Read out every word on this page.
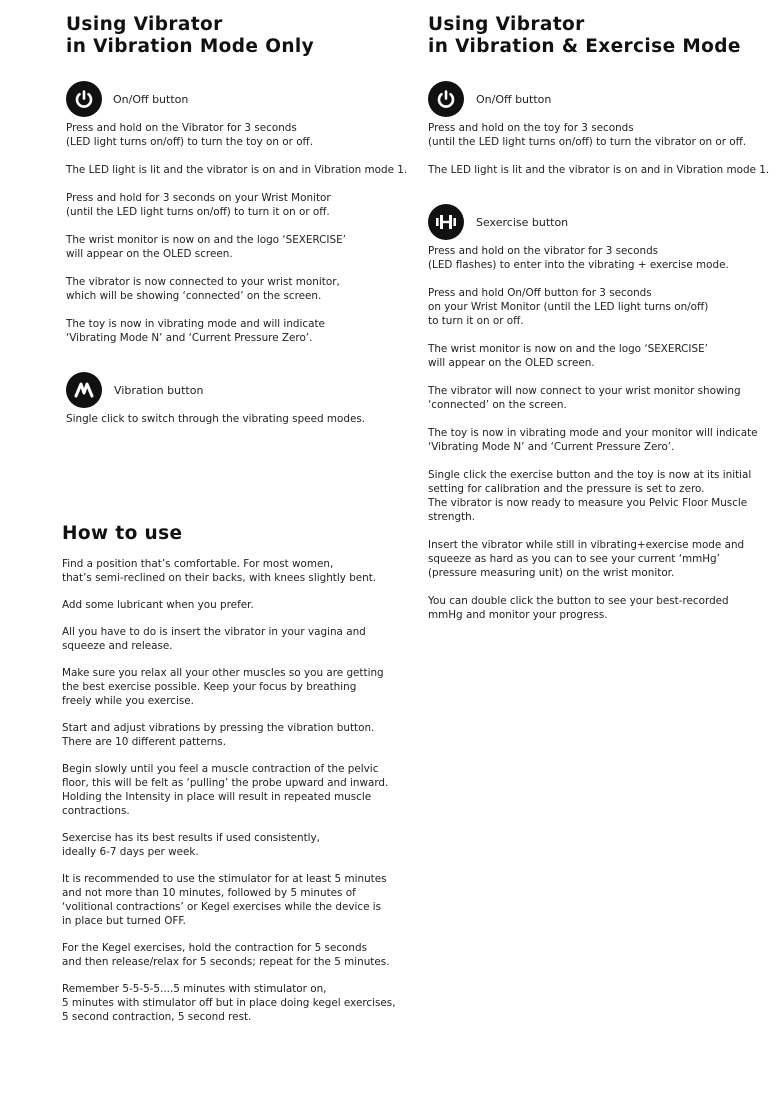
Using Vibrator
in Vibration Mode Only
On/Off button

Press and hold on the Vibrator for 3 seconds
(LED light turns on/off) to turn the toy on or off.

The LED light is lit and the vibrator is on and in Vibration mode 1.

Press and hold for 3 seconds on your Wrist Monitor
(until the LED light turns on/off) to turn it on or off.

The wrist monitor is now on and the logo ‘SEXERCISE’
will appear on the OLED screen.

The vibrator is now connected to your wrist monitor,
which will be showing ‘connected’ on the screen.

The toy is now in vibrating mode and will indicate
‘Vibrating Mode N’ and ‘Current Pressure Zero’.

Vibration button

Single click to switch through the vibrating speed modes.

Using Vibrator
in Vibration & Exercise Mode
On/Off button

Press and hold on the toy for 3 seconds
(until the LED light turns on/off) to turn the vibrator on or off.

The LED light is lit and the vibrator is on and in Vibration mode 1.

Sexercise button

Press and hold on the vibrator for 3 seconds
(LED flashes) to enter into the vibrating + exercise mode.

Press and hold On/Off button for 3 seconds
on your Wrist Monitor (until the LED light turns on/off)
to turn it on or off.

The wrist monitor is now on and the logo ‘SEXERCISE’
will appear on the OLED screen.

The vibrator will now connect to your wrist monitor showing
‘connected’ on the screen.

The toy is now in vibrating mode and your monitor will indicate
‘Vibrating Mode N’ and ‘Current Pressure Zero’.

Single click the exercise button and the toy is now at its initial
setting for calibration and the pressure is set to zero.
The vibrator is now ready to measure you Pelvic Floor Muscle
strength.

Insert the vibrator while still in vibrating+exercise mode and
squeeze as hard as you can to see your current ‘mmHg’
(pressure measuring unit) on the wrist monitor.

You can double click the button to see your best-recorded
mmHg and monitor your progress.

How to use

Find a position that’s comfortable. For most women,
that’s semi-reclined on their backs, with knees slightly bent.

Add some lubricant when you prefer.

All you have to do is insert the vibrator in your vagina and
squeeze and release.

Make sure you relax all your other muscles so you are getting
the best exercise possible. Keep your focus by breathing
freely while you exercise.

Start and adjust vibrations by pressing the vibration button.
There are 10 different patterns.

Begin slowly until you feel a muscle contraction of the pelvic
floor, this will be felt as ‘pulling’ the probe upward and inward.
Holding the Intensity in place will result in repeated muscle
contractions.

Sexercise has its best results if used consistently,
ideally 6-7 days per week.

It is recommended to use the stimulator for at least 5 minutes
and not more than 10 minutes, followed by 5 minutes of
‘volitional contractions’ or Kegel exercises while the device is
in place but turned OFF.

For the Kegel exercises, hold the contraction for 5 seconds
and then release/relax for 5 seconds; repeat for the 5 minutes.

Remember 5-5-5-5....5 minutes with stimulator on,
5 minutes with stimulator off but in place doing kegel exercises,
5 second contraction, 5 second rest.
